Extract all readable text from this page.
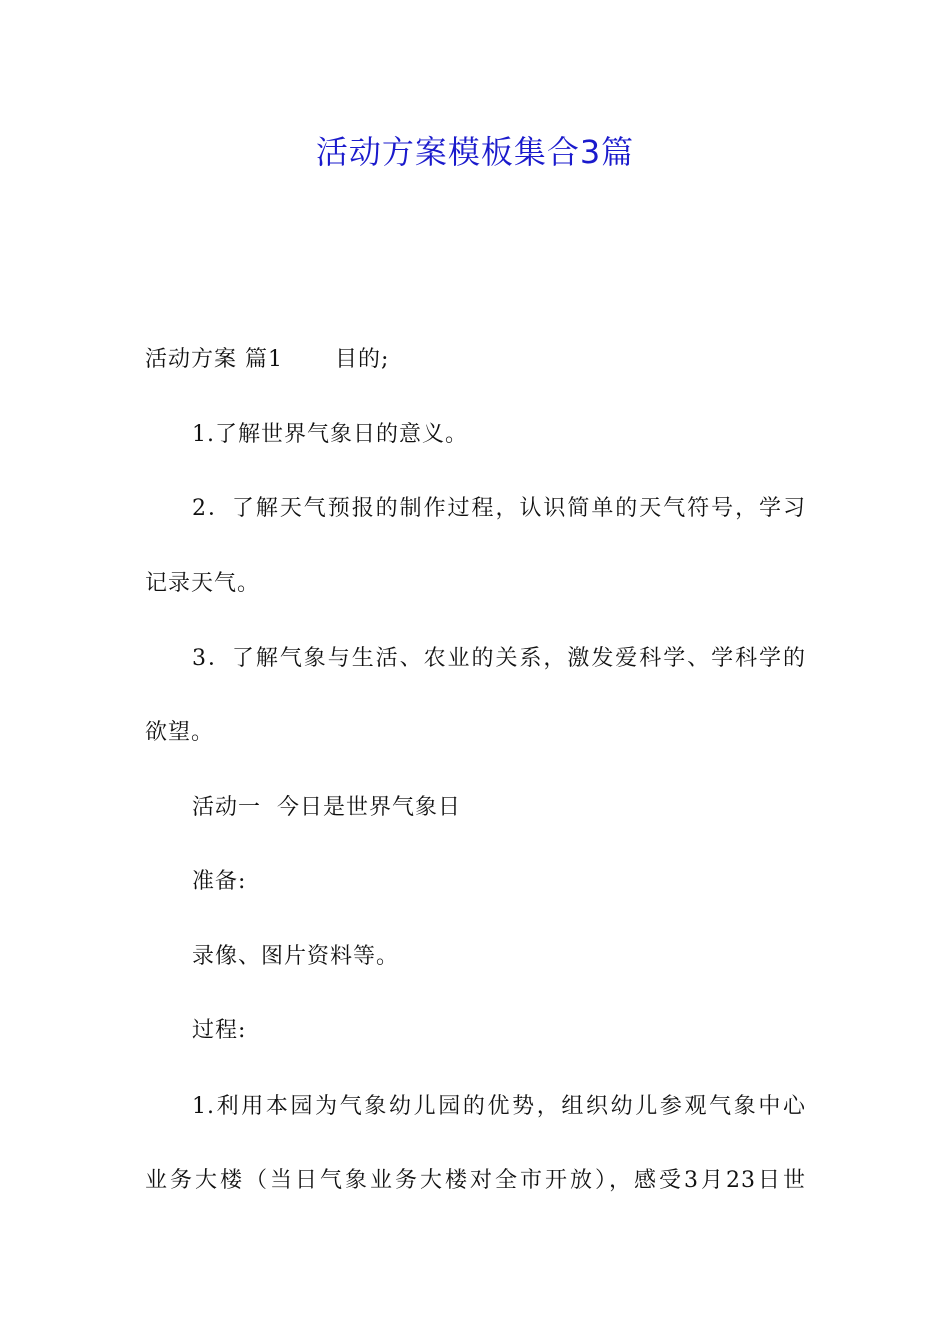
活动方案模板集合3篇
活动方案 篇1 目的;
1.了解世界气象日的意义。
2．了解天气预报的制作过程，认识简单的天气符号，学习
记录天气。
3．了解气象与生活、农业的关系，激发爱科学、学科学的
欲望。
活动一  今日是世界气象日
准备:
录像、图片资料等。
过程:
1.利用本园为气象幼儿园的优势，组织幼儿参观气象中心
业务大楼（当日气象业务大楼对全市开放），感受3月23日世
